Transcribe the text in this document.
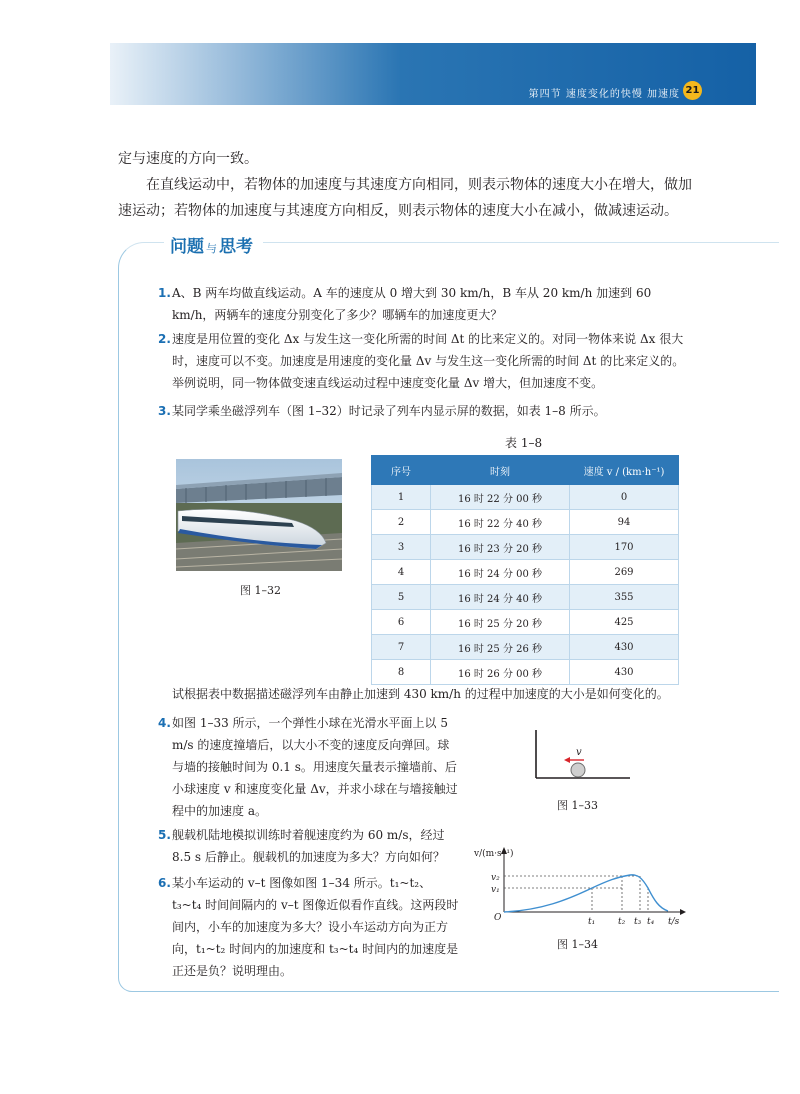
第四节 速度变化的快慢 加速度 21

定与速度的方向一致。

在直线运动中，若物体的加速度与其速度方向相同，则表示物体的速度大小在增大，做加速运动；若物体的加速度与其速度方向相反，则表示物体的速度大小在减小，做减速运动。

问题 与 思考
1. A、B 两车均做直线运动。A 车的速度从 0 增大到 30 km/h，B 车从 20 km/h 加速到 60 km/h，两辆车的速度分别变化了多少？哪辆车的加速度更大？
2. 速度是用位置的变化 Δx 与发生这一变化所需的时间 Δt 的比来定义的。对同一物体来说 Δx 很大时，速度可以不变。加速度是用速度的变化量 Δv 与发生这一变化所需的时间 Δt 的比来定义的。举例说明，同一物体做变速直线运动过程中速度变化量 Δv 增大，但加速度不变。
3. 某同学乘坐磁浮列车（图 1–32）时记录了列车内显示屏的数据，如表 1–8 所示。
图 1–32
表 1–8
序号	时刻	速度 v / (km·h⁻¹)
1	16 时 22 分 00 秒	0
2	16 时 22 分 40 秒	94
3	16 时 23 分 20 秒	170
4	16 时 24 分 00 秒	269
5	16 时 24 分 40 秒	355
6	16 时 25 分 20 秒	425
7	16 时 25 分 26 秒	430
8	16 时 26 分 00 秒	430
试根据表中数据描述磁浮列车由静止加速到 430 km/h 的过程中加速度的大小是如何变化的。
4. 如图 1–33 所示，一个弹性小球在光滑水平面上以 5 m/s 的速度撞墙后，以大小不变的速度反向弹回。球与墙的接触时间为 0.1 s。用速度矢量表示撞墙前、后小球速度 v 和速度变化量 Δv，并求小球在与墙接触过程中的加速度 a。
v
图 1–33
5. 舰载机陆地模拟训练时着舰速度约为 60 m/s，经过 8.5 s 后静止。舰载机的加速度为多大？方向如何？
6. 某小车运动的 v–t 图像如图 1–34 所示。t₁~t₂、t₃~t₄ 时间间隔内的 v–t 图像近似看作直线。这两段时间内，小车的加速度为多大？设小车运动方向为正方向，t₁~t₂ 时间内的加速度和 t₃~t₄ 时间内的加速度是正还是负？说明理由。
v/(m·s⁻¹)
t/s
O
v₂
v₁
t₁	t₂ t₃ t₄
图 1–34
